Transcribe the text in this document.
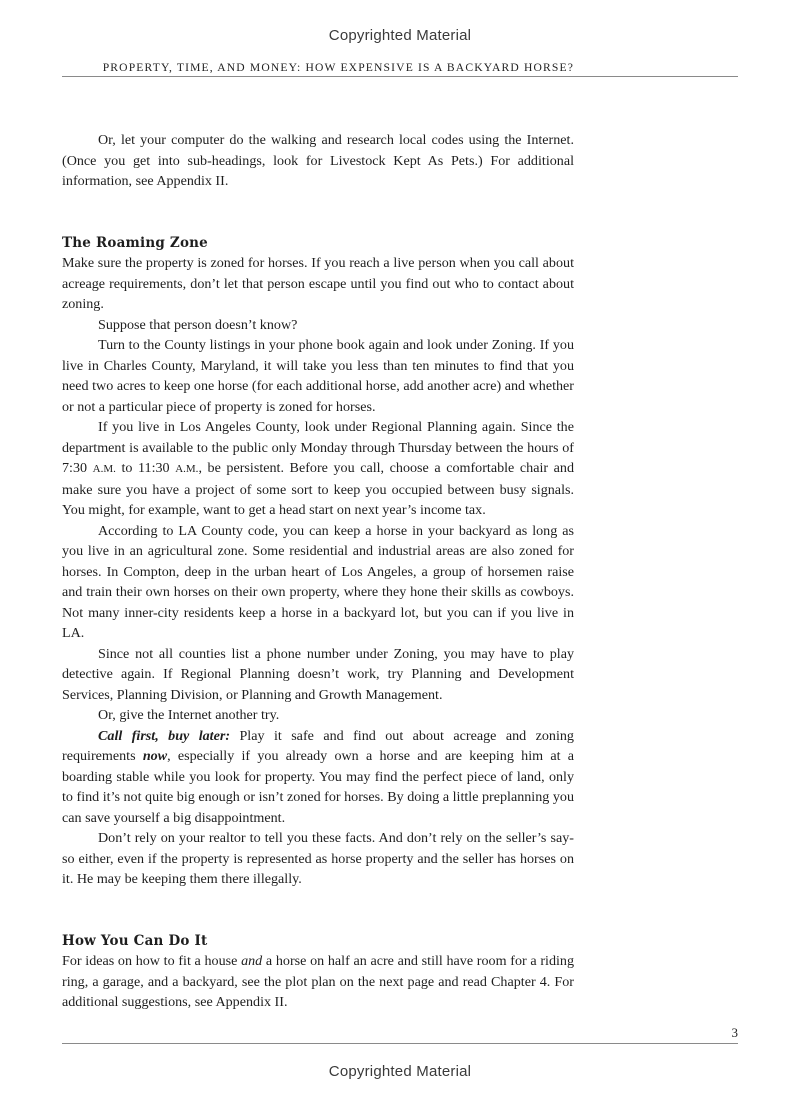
Copyrighted Material
PROPERTY, TIME, AND MONEY: HOW EXPENSIVE IS A BACKYARD HORSE?

Or, let your computer do the walking and research local codes using the Internet. (Once you get into sub-headings, look for Livestock Kept As Pets.) For additional information, see Appendix II.

The Roaming Zone

Make sure the property is zoned for horses. If you reach a live person when you call about acreage requirements, don’t let that person escape until you find out who to contact about zoning.

Suppose that person doesn’t know?

Turn to the County listings in your phone book again and look under Zoning. If you live in Charles County, Maryland, it will take you less than ten minutes to find that you need two acres to keep one horse (for each additional horse, add another acre) and whether or not a particular piece of property is zoned for horses.

If you live in Los Angeles County, look under Regional Planning again. Since the department is available to the public only Monday through Thursday between the hours of 7:30 A.M. to 11:30 A.M., be persistent. Before you call, choose a comfortable chair and make sure you have a project of some sort to keep you occupied between busy signals. You might, for example, want to get a head start on next year’s income tax.

According to LA County code, you can keep a horse in your backyard as long as you live in an agricultural zone. Some residential and industrial areas are also zoned for horses. In Compton, deep in the urban heart of Los Angeles, a group of horsemen raise and train their own horses on their own property, where they hone their skills as cowboys. Not many inner-city residents keep a horse in a backyard lot, but you can if you live in LA.

Since not all counties list a phone number under Zoning, you may have to play detective again. If Regional Planning doesn’t work, try Planning and Development Services, Planning Division, or Planning and Growth Management.

Or, give the Internet another try.

Call first, buy later: Play it safe and find out about acreage and zoning requirements now, especially if you already own a horse and are keeping him at a boarding stable while you look for property. You may find the perfect piece of land, only to find it’s not quite big enough or isn’t zoned for horses. By doing a little preplanning you can save yourself a big disappointment.

Don’t rely on your realtor to tell you these facts. And don’t rely on the seller’s say-so either, even if the property is represented as horse property and the seller has horses on it. He may be keeping them there illegally.

How You Can Do It

For ideas on how to fit a house and a horse on half an acre and still have room for a riding ring, a garage, and a backyard, see the plot plan on the next page and read Chapter 4. For additional suggestions, see Appendix II.

3
Copyrighted Material
